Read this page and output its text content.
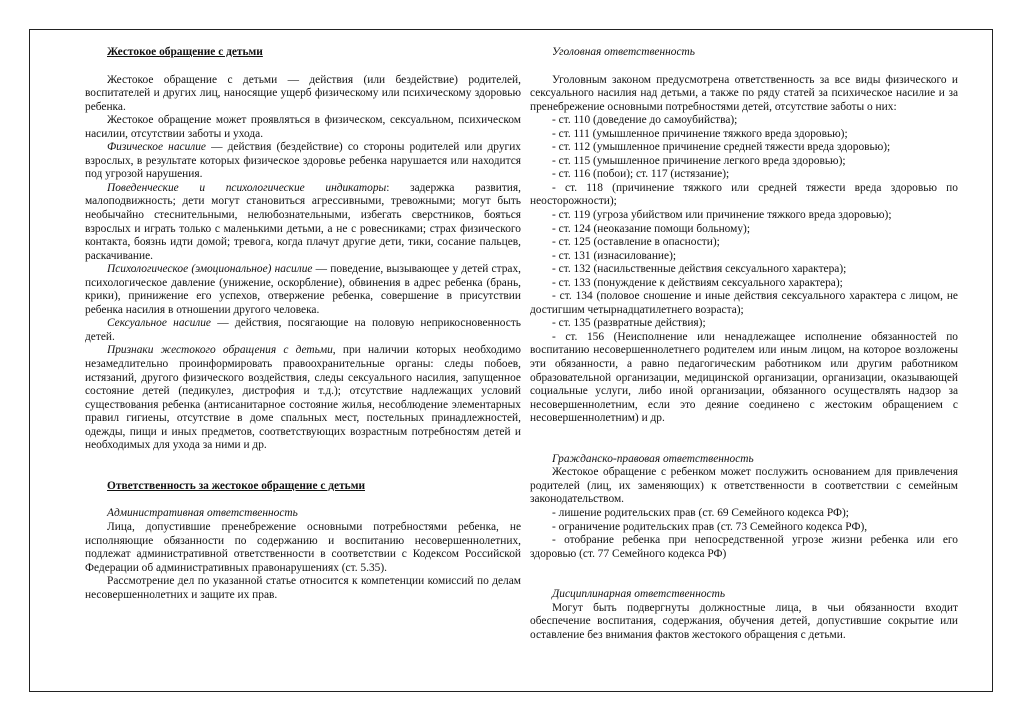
Жестокое обращение с детьми

Жестокое обращение с детьми — действия (или бездействие) родителей, воспитателей и других лиц, наносящие ущерб физическому или психическому здоровью ребенка.

Жестокое обращение может проявляться в физическом, сексуальном, психическом насилии, отсутствии заботы и ухода.

Физическое насилие — действия (бездействие) со стороны родителей или других взрослых, в результате которых физическое здоровье ребенка нарушается или находится под угрозой нарушения.

Поведенческие и психологические индикаторы: задержка развития, малоподвижность; дети могут становиться агрессивными, тревожными; могут быть необычайно стеснительными, нелюбознательными, избегать сверстников, бояться взрослых и играть только с маленькими детьми, а не с ровесниками; страх физического контакта, боязнь идти домой; тревога, когда плачут другие дети, тики, сосание пальцев, раскачивание.

Психологическое (эмоциональное) насилие — поведение, вызывающее у детей страх, психологическое давление (унижение, оскорбление), обвинения в адрес ребенка (брань, крики), принижение его успехов, отвержение ребенка, совершение в присутствии ребенка насилия в отношении другого человека.

Сексуальное насилие — действия, посягающие на половую неприкосновенность детей.

Признаки жестокого обращения с детьми, при наличии которых необходимо незамедлительно проинформировать правоохранительные органы: следы побоев, истязаний, другого физического воздействия, следы сексуального насилия, запущенное состояние детей (педикулез, дистрофия и т.д.); отсутствие надлежащих условий существования ребенка (антисанитарное состояние жилья, несоблюдение элементарных правил гигиены, отсутствие в доме спальных мест, постельных принадлежностей, одежды, пищи и иных предметов, соответствующих возрастным потребностям детей и необходимых для ухода за ними и др.

Ответственность за жестокое обращение с детьми

Административная ответственность

Лица, допустившие пренебрежение основными потребностями ребенка, не исполняющие обязанности по содержанию и воспитанию несовершеннолетних, подлежат административной ответственности в соответствии с Кодексом Российской Федерации об административных правонарушениях (ст. 5.35).

Рассмотрение дел по указанной статье относится к компетенции комиссий по делам несовершеннолетних и защите их прав.

Уголовная ответственность

Уголовным законом предусмотрена ответственность за все виды физического и сексуального насилия над детьми, а также по ряду статей за психическое насилие и за пренебрежение основными потребностями детей, отсутствие заботы о них:

- ст. 110 (доведение до самоубийства);
- ст. 111 (умышленное причинение тяжкого вреда здоровью);
- ст. 112 (умышленное причинение средней тяжести вреда здоровью);
- ст. 115 (умышленное причинение легкого вреда здоровью);
- ст. 116 (побои); ст. 117 (истязание);
- ст. 118 (причинение тяжкого или средней тяжести вреда здоровью по неосторожности);
- ст. 119 (угроза убийством или причинение тяжкого вреда здоровью);
- ст. 124 (неоказание помощи больному);
- ст. 125 (оставление в опасности);
- ст. 131 (изнасилование);
- ст. 132 (насильственные действия сексуального характера);
- ст. 133 (понуждение к действиям сексуального характера);
- ст. 134 (половое сношение и иные действия сексуального характера с лицом, не достигшим четырнадцатилетнего возраста);
- ст. 135 (развратные действия);
- ст. 156 (Неисполнение или ненадлежащее исполнение обязанностей по воспитанию несовершеннолетнего родителем или иным лицом, на которое возложены эти обязанности, а равно педагогическим работником или другим работником образовательной организации, медицинской организации, организации, оказывающей социальные услуги, либо иной организации, обязанного осуществлять надзор за несовершеннолетним, если это деяние соединено с жестоким обращением с несовершеннолетним) и др.

Гражданско-правовая ответственность

Жестокое обращение с ребенком может послужить основанием для привлечения родителей (лиц, их заменяющих) к ответственности в соответствии с семейным законодательством.

- лишение родительских прав (ст. 69 Семейного кодекса РФ);
- ограничение родительских прав (ст. 73 Семейного кодекса РФ),
- отобрание ребенка при непосредственной угрозе жизни ребенка или его здоровью (ст. 77 Семейного кодекса РФ)

Дисциплинарная ответственность

Могут быть подвергнуты должностные лица, в чьи обязанности входит обеспечение воспитания, содержания, обучения детей, допустившие сокрытие или оставление без внимания фактов жестокого обращения с детьми.
